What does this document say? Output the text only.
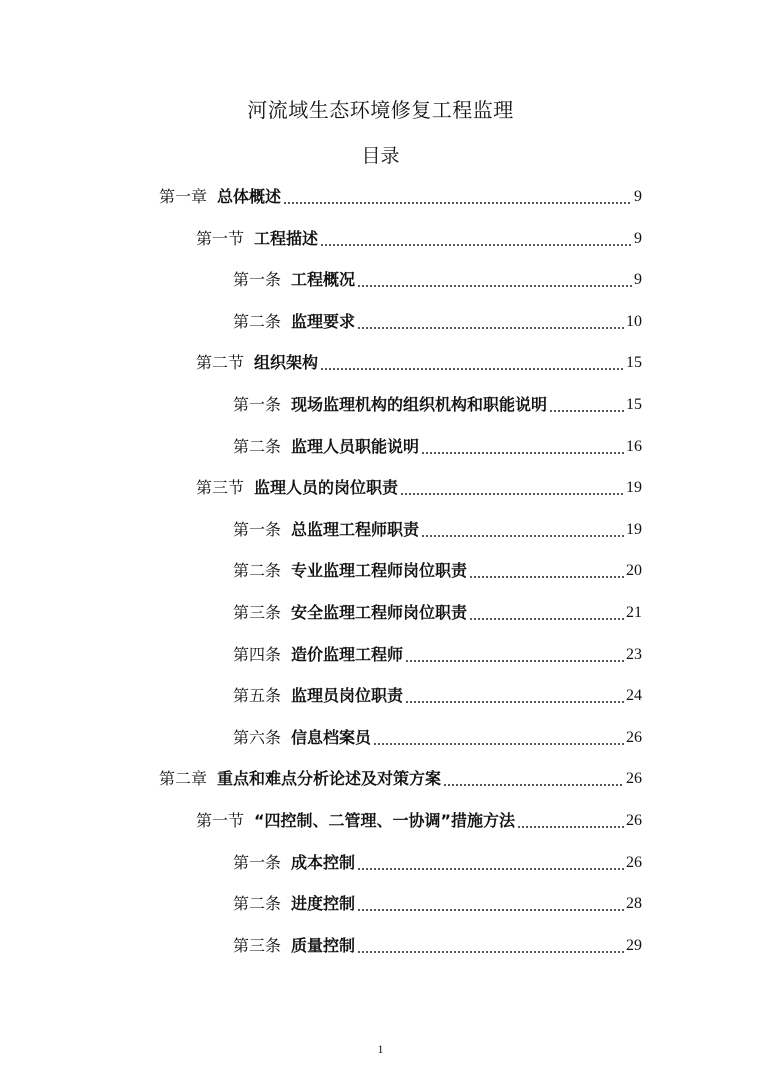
河流域生态环境修复工程监理
目录
第一章 总体概述	9
第一节 工程描述	9
第一条 工程概况	9
第二条 监理要求	10
第二节 组织架构	15
第一条 现场监理机构的组织机构和职能说明	15
第二条 监理人员职能说明	16
第三节 监理人员的岗位职责	19
第一条 总监理工程师职责	19
第二条 专业监理工程师岗位职责	20
第三条 安全监理工程师岗位职责	21
第四条 造价监理工程师	23
第五条 监理员岗位职责	24
第六条 信息档案员	26
第二章 重点和难点分析论述及对策方案	26
第一节 “四控制、二管理、一协调”措施方法	26
第一条 成本控制	26
第二条 进度控制	28
第三条 质量控制	29
1
